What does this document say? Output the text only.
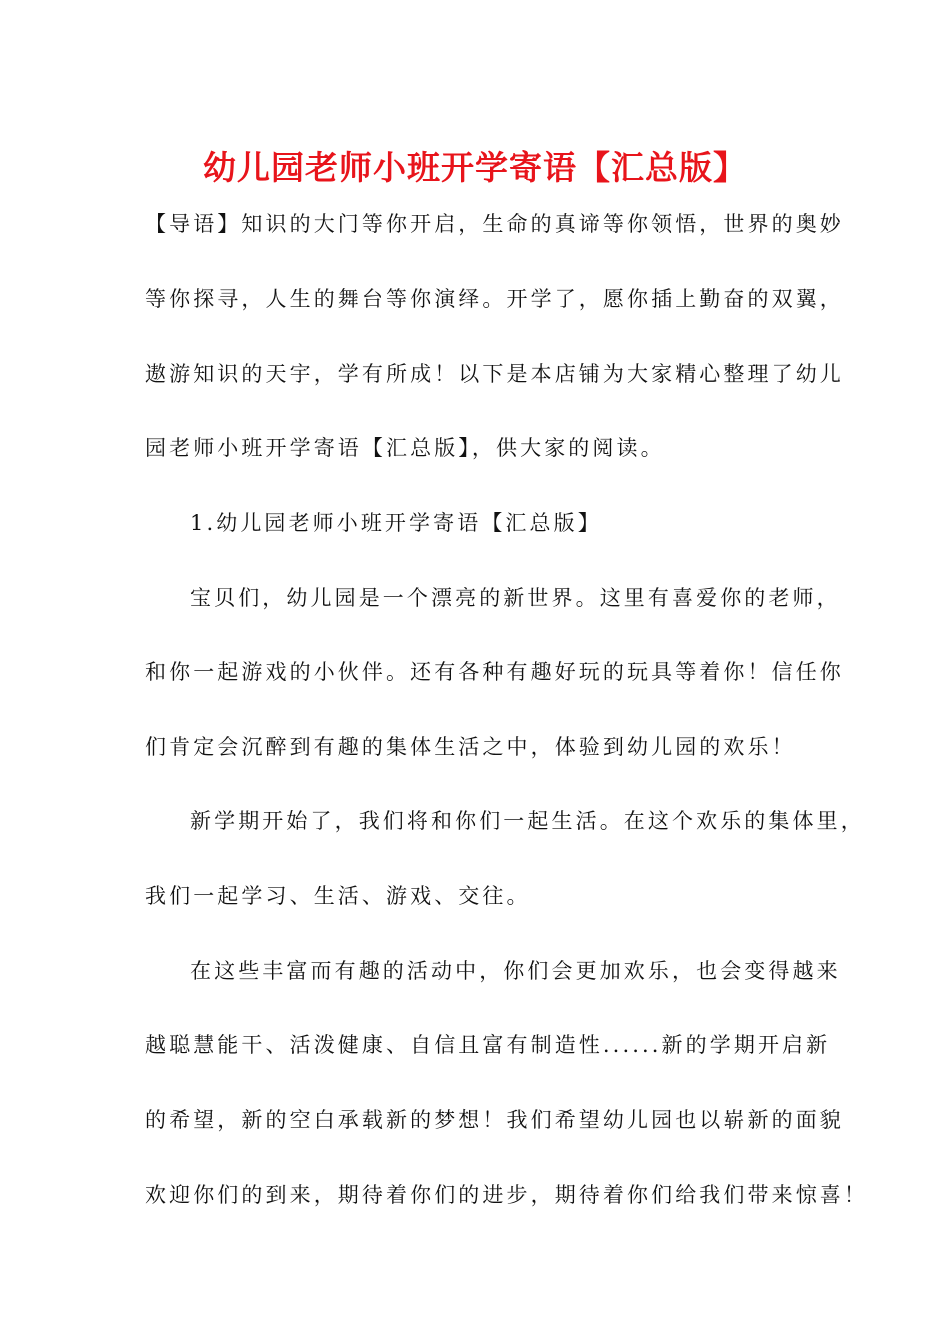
幼儿园老师小班开学寄语【汇总版】
【导语】知识的大门等你开启，生命的真谛等你领悟，世界的奥妙
等你探寻，人生的舞台等你演绎。开学了，愿你插上勤奋的双翼，
遨游知识的天宇，学有所成！以下是本店铺为大家精心整理了幼儿
园老师小班开学寄语【汇总版】，供大家的阅读。
1.幼儿园老师小班开学寄语【汇总版】
宝贝们，幼儿园是一个漂亮的新世界。这里有喜爱你的老师，
和你一起游戏的小伙伴。还有各种有趣好玩的玩具等着你！信任你
们肯定会沉醉到有趣的集体生活之中，体验到幼儿园的欢乐！
新学期开始了，我们将和你们一起生活。在这个欢乐的集体里，
我们一起学习、生活、游戏、交往。
在这些丰富而有趣的活动中，你们会更加欢乐，也会变得越来
越聪慧能干、活泼健康、自信且富有制造性......新的学期开启新
的希望，新的空白承载新的梦想！我们希望幼儿园也以崭新的面貌
欢迎你们的到来，期待着你们的进步，期待着你们给我们带来惊喜！
